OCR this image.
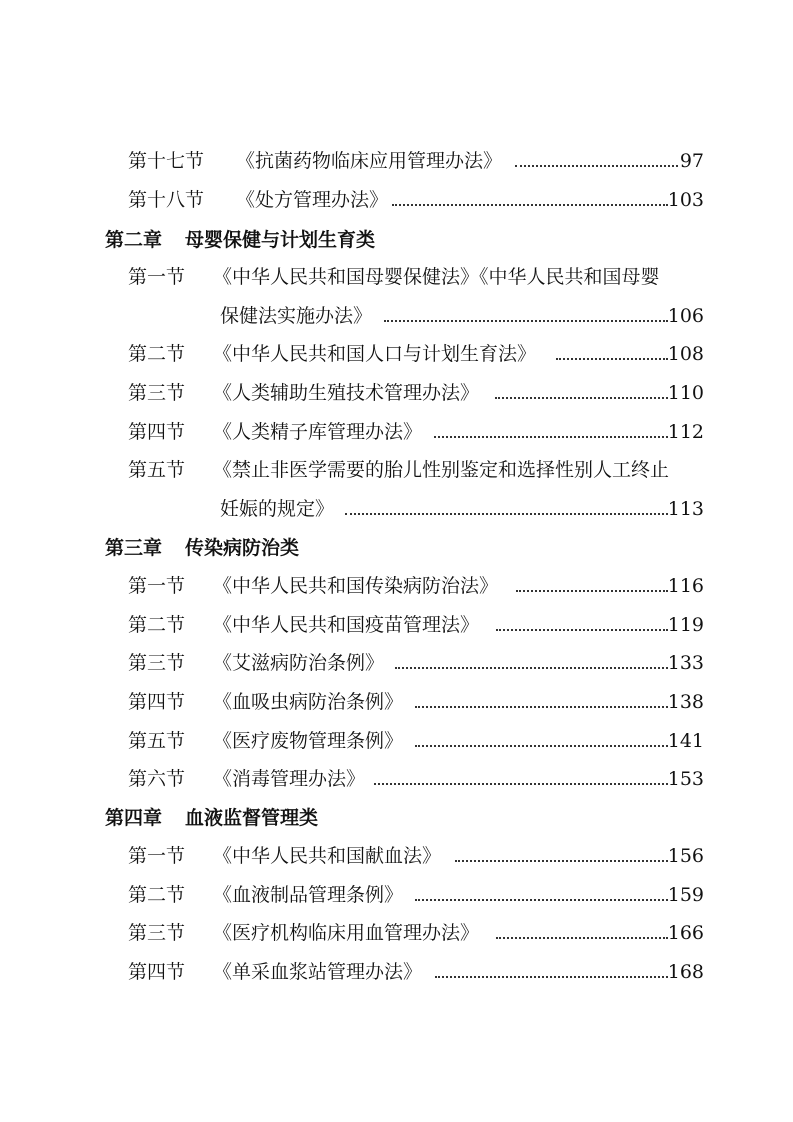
第十七节 《抗菌药物临床应用管理办法》	97
第十八节 《处方管理办法》	103
第二章 母婴保健与计划生育类
第一节 《中华人民共和国母婴保健法》《中华人民共和国母婴
保健法实施办法》	106
第二节 《中华人民共和国人口与计划生育法》	108
第三节 《人类辅助生殖技术管理办法》	110
第四节 《人类精子库管理办法》	112
第五节 《禁止非医学需要的胎儿性别鉴定和选择性别人工终止
妊娠的规定》	113
第三章 传染病防治类
第一节 《中华人民共和国传染病防治法》	116
第二节 《中华人民共和国疫苗管理法》	119
第三节 《艾滋病防治条例》	133
第四节 《血吸虫病防治条例》	138
第五节 《医疗废物管理条例》	141
第六节 《消毒管理办法》	153
第四章 血液监督管理类
第一节 《中华人民共和国献血法》	156
第二节 《血液制品管理条例》	159
第三节 《医疗机构临床用血管理办法》	166
第四节 《单采血浆站管理办法》	168
